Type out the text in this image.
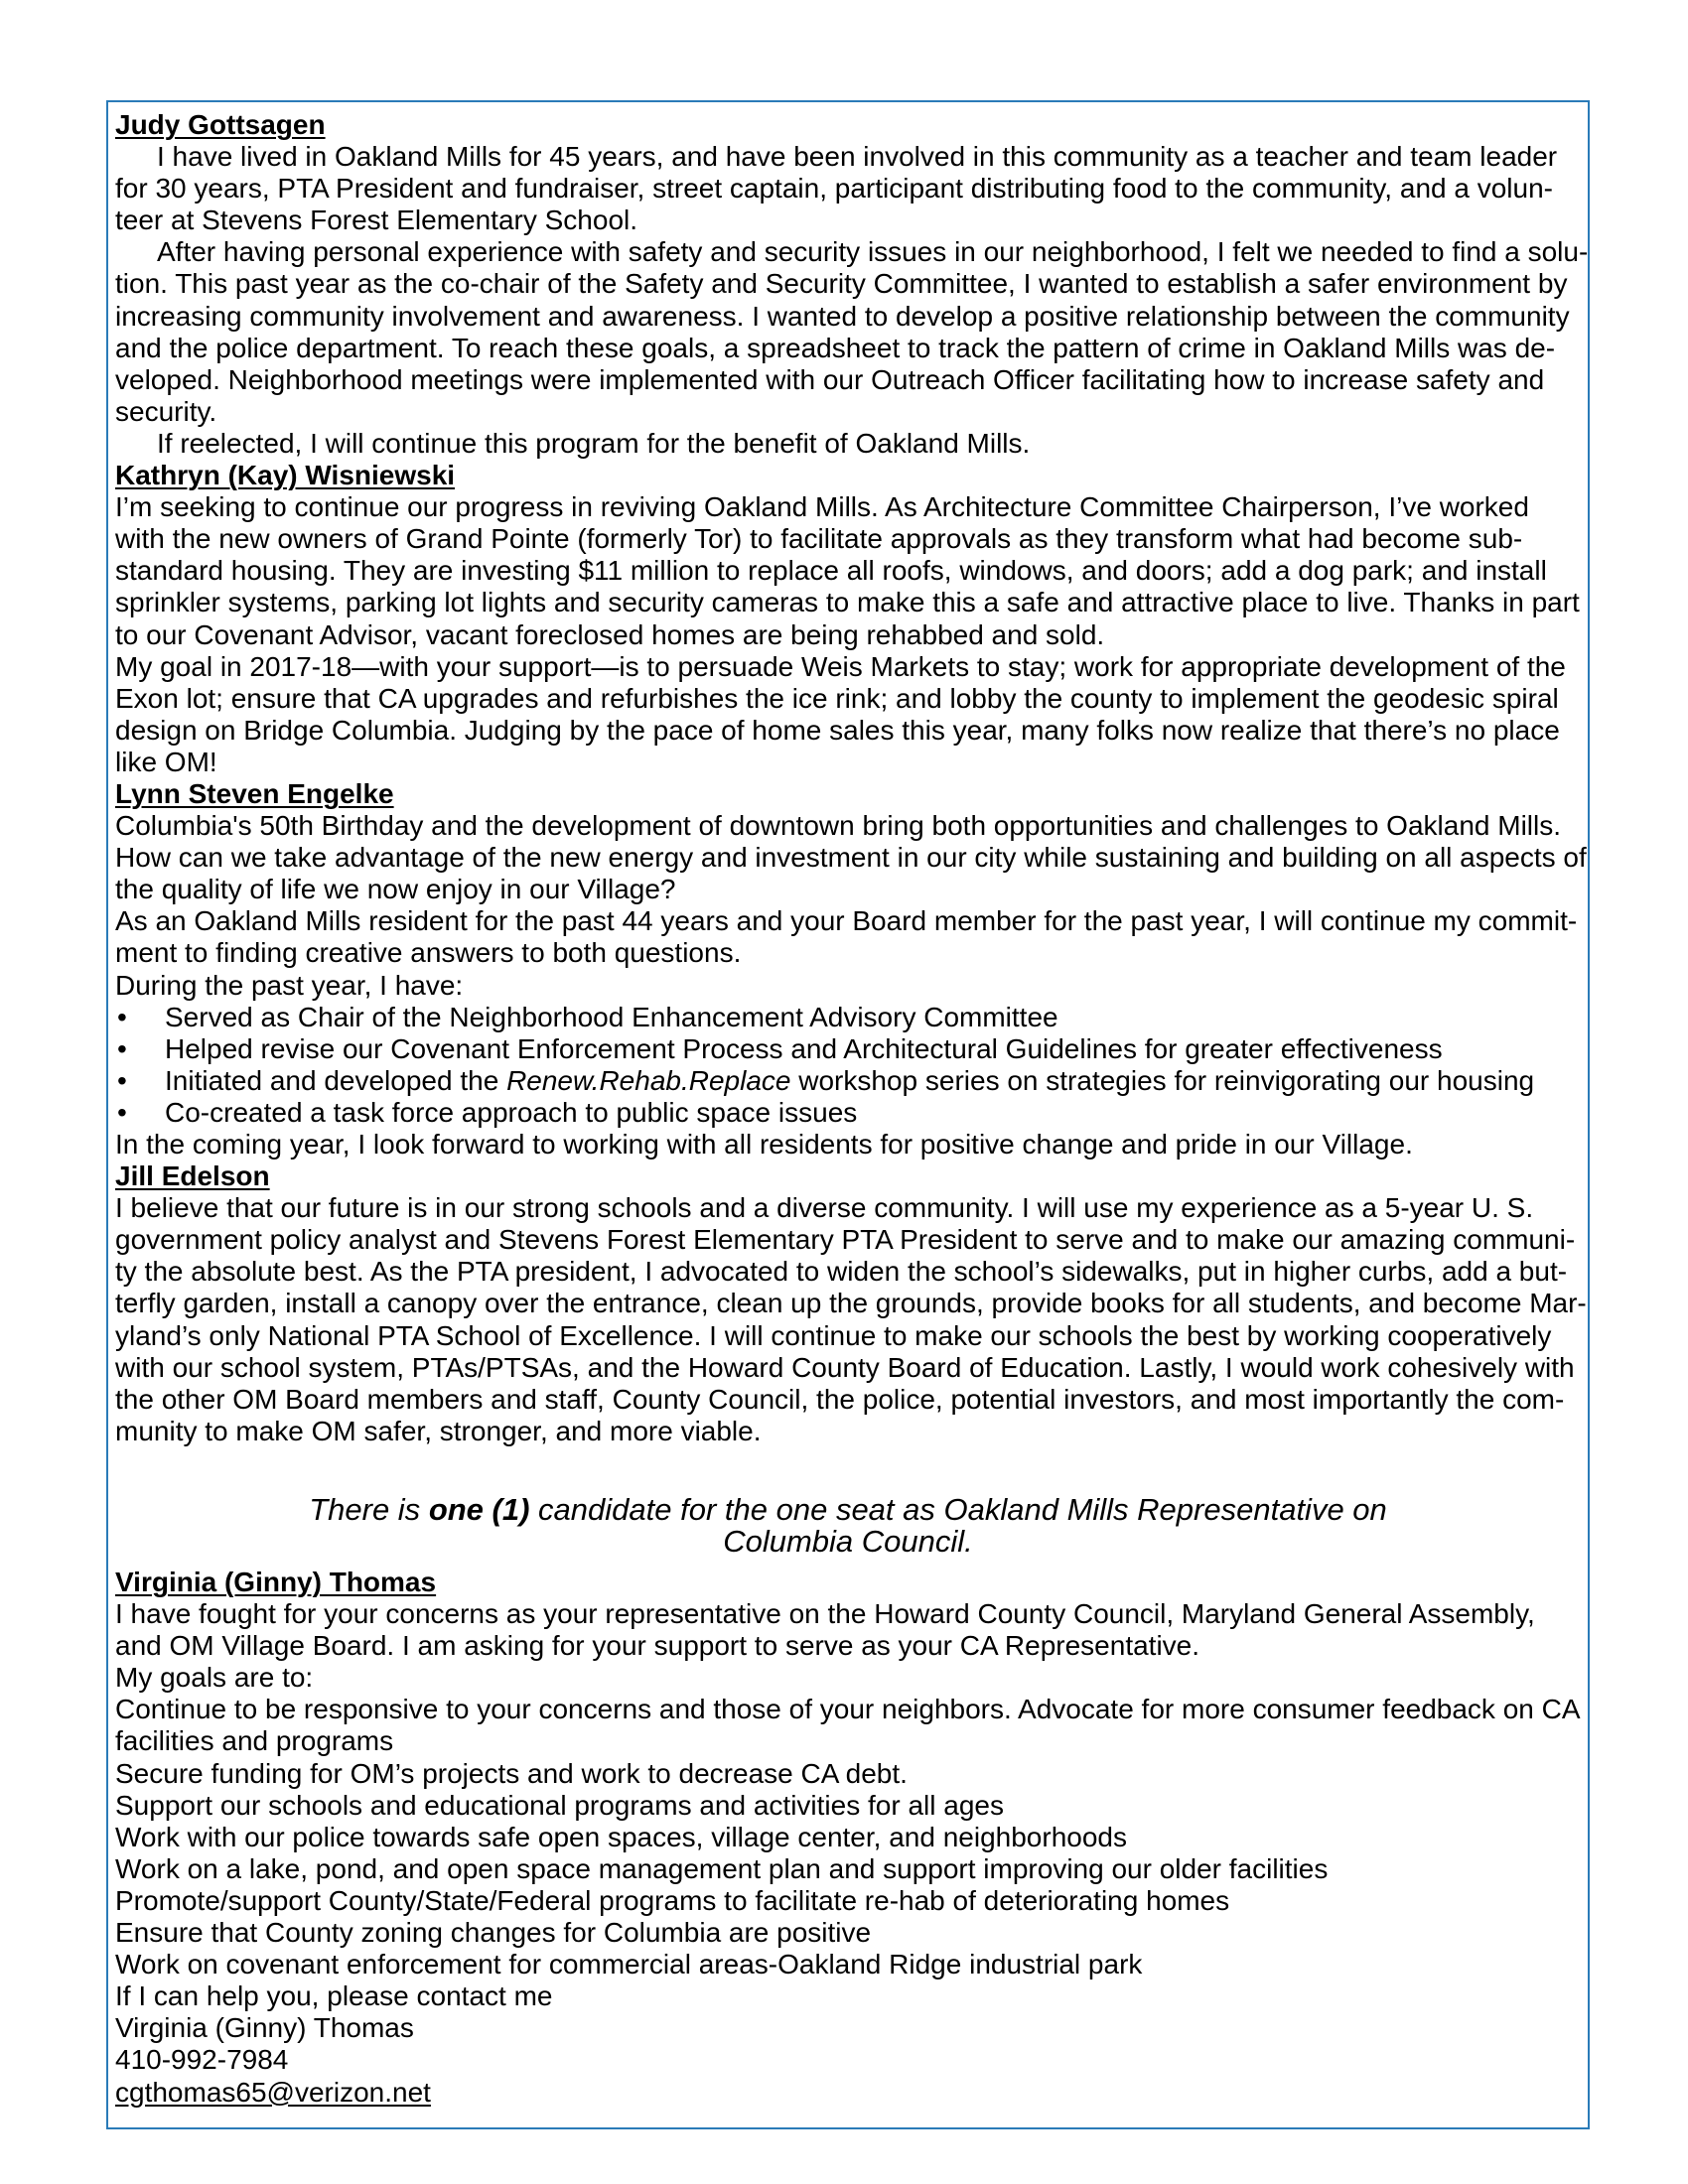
Judy Gottsagen
I have lived in Oakland Mills for 45 years, and have been involved in this community as a teacher and team leader
for 30 years, PTA President and fundraiser, street captain, participant distributing food to the community, and a volun-
teer at Stevens Forest Elementary School.
After having personal experience with safety and security issues in our neighborhood, I felt we needed to find a solu-
tion. This past year as the co-chair of the Safety and Security Committee, I wanted to establish a safer environment by
increasing community involvement and awareness. I wanted to develop a positive relationship between the community
and the police department. To reach these goals, a spreadsheet to track the pattern of crime in Oakland Mills was de-
veloped. Neighborhood meetings were implemented with our Outreach Officer facilitating how to increase safety and
security.
If reelected, I will continue this program for the benefit of Oakland Mills.
Kathryn (Kay) Wisniewski
I’m seeking to continue our progress in reviving Oakland Mills. As Architecture Committee Chairperson, I’ve worked
with the new owners of Grand Pointe (formerly Tor) to facilitate approvals as they transform what had become sub-
standard housing. They are investing $11 million to replace all roofs, windows, and doors; add a dog park; and install
sprinkler systems, parking lot lights and security cameras to make this a safe and attractive place to live. Thanks in part
to our Covenant Advisor, vacant foreclosed homes are being rehabbed and sold.
My goal in 2017-18—with your support—is to persuade Weis Markets to stay; work for appropriate development of the
Exon lot; ensure that CA upgrades and refurbishes the ice rink; and lobby the county to implement the geodesic spiral
design on Bridge Columbia. Judging by the pace of home sales this year, many folks now realize that there’s no place
like OM!
Lynn Steven Engelke
Columbia's 50th Birthday and the development of downtown bring both opportunities and challenges to Oakland Mills.
How can we take advantage of the new energy and investment in our city while sustaining and building on all aspects of
the quality of life we now enjoy in our Village?
As an Oakland Mills resident for the past 44 years and your Board member for the past year, I will continue my commit-
ment to finding creative answers to both questions.
During the past year, I have:
• Served as Chair of the Neighborhood Enhancement Advisory Committee
• Helped revise our Covenant Enforcement Process and Architectural Guidelines for greater effectiveness
• Initiated and developed the Renew.Rehab.Replace workshop series on strategies for reinvigorating our housing
• Co-created a task force approach to public space issues
In the coming year, I look forward to working with all residents for positive change and pride in our Village.
Jill Edelson
I believe that our future is in our strong schools and a diverse community. I will use my experience as a 5-year U. S.
government policy analyst and Stevens Forest Elementary PTA President to serve and to make our amazing communi-
ty the absolute best. As the PTA president, I advocated to widen the school’s sidewalks, put in higher curbs, add a but-
terfly garden, install a canopy over the entrance, clean up the grounds, provide books for all students, and become Mar-
yland’s only National PTA School of Excellence. I will continue to make our schools the best by working cooperatively
with our school system, PTAs/PTSAs, and the Howard County Board of Education. Lastly, I would work cohesively with
the other OM Board members and staff, County Council, the police, potential investors, and most importantly the com-
munity to make OM safer, stronger, and more viable.
There is one (1) candidate for the one seat as Oakland Mills Representative on
Columbia Council.
Virginia (Ginny) Thomas
I have fought for your concerns as your representative on the Howard County Council, Maryland General Assembly,
and OM Village Board. I am asking for your support to serve as your CA Representative.
My goals are to:
Continue to be responsive to your concerns and those of your neighbors. Advocate for more consumer feedback on CA
facilities and programs
Secure funding for OM’s projects and work to decrease CA debt.
Support our schools and educational programs and activities for all ages
Work with our police towards safe open spaces, village center, and neighborhoods
Work on a lake, pond, and open space management plan and support improving our older facilities
Promote/support County/State/Federal programs to facilitate re-hab of deteriorating homes
Ensure that County zoning changes for Columbia are positive
Work on covenant enforcement for commercial areas-Oakland Ridge industrial park
If I can help you, please contact me
Virginia (Ginny) Thomas
410-992-7984
cgthomas65@verizon.net
